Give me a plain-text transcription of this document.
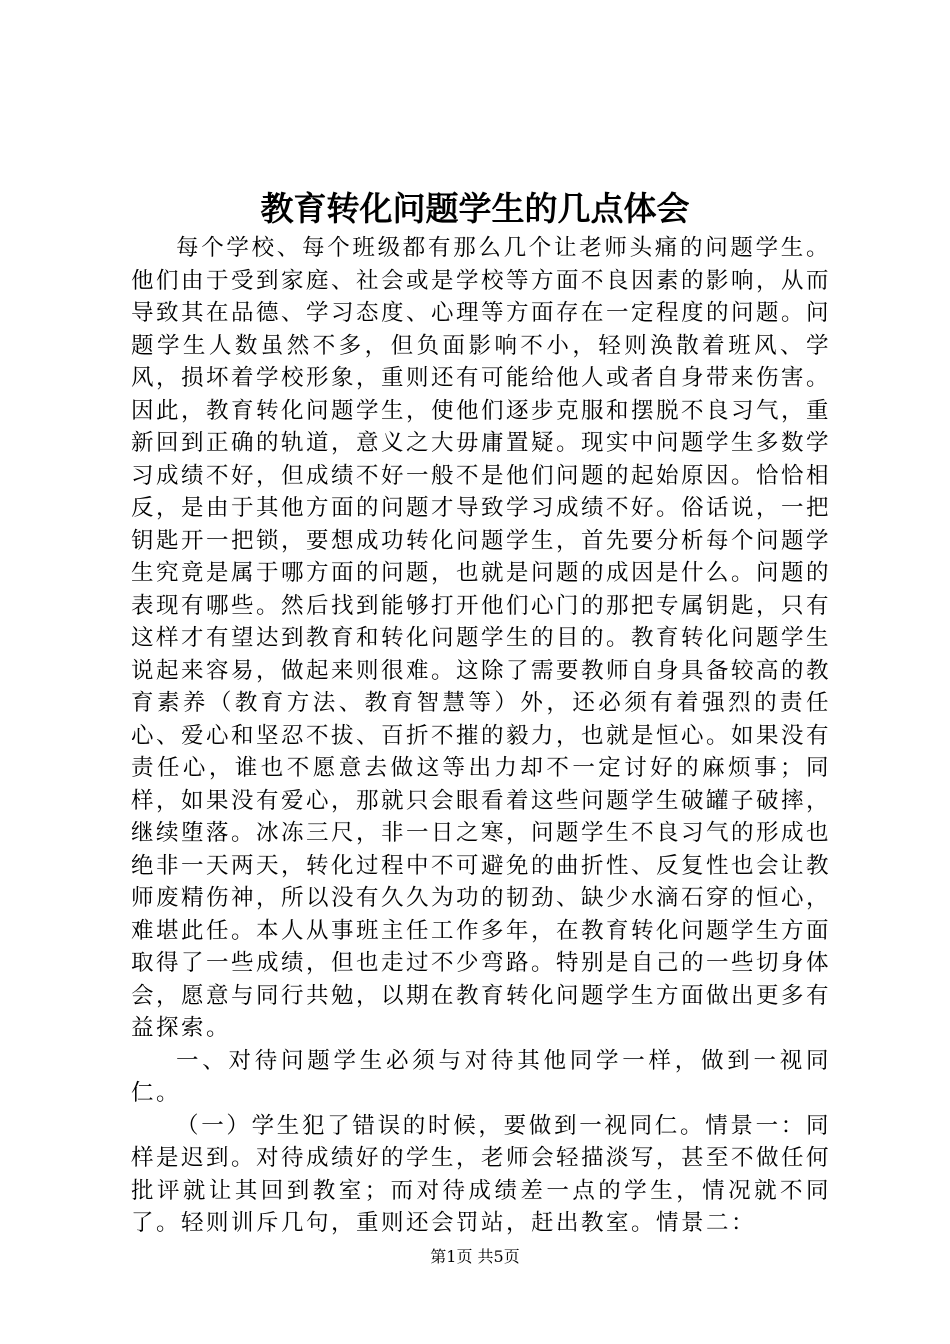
教育转化问题学生的几点体会

每个学校、每个班级都有那么几个让老师头痛的问题学生。他们由于受到家庭、社会或是学校等方面不良因素的影响，从而导致其在品德、学习态度、心理等方面存在一定程度的问题。问题学生人数虽然不多，但负面影响不小，轻则涣散着班风、学风，损坏着学校形象，重则还有可能给他人或者自身带来伤害。因此，教育转化问题学生，使他们逐步克服和摆脱不良习气，重新回到正确的轨道，意义之大毋庸置疑。现实中问题学生多数学习成绩不好，但成绩不好一般不是他们问题的起始原因。恰恰相反，是由于其他方面的问题才导致学习成绩不好。俗话说，一把钥匙开一把锁，要想成功转化问题学生，首先要分析每个问题学生究竟是属于哪方面的问题，也就是问题的成因是什么。问题的表现有哪些。然后找到能够打开他们心门的那把专属钥匙，只有这样才有望达到教育和转化问题学生的目的。教育转化问题学生说起来容易，做起来则很难。这除了需要教师自身具备较高的教育素养（教育方法、教育智慧等）外，还必须有着强烈的责任心、爱心和坚忍不拔、百折不摧的毅力，也就是恒心。如果没有责任心，谁也不愿意去做这等出力却不一定讨好的麻烦事；同样，如果没有爱心，那就只会眼看着这些问题学生破罐子破摔，继续堕落。冰冻三尺，非一日之寒，问题学生不良习气的形成也绝非一天两天，转化过程中不可避免的曲折性、反复性也会让教师废精伤神，所以没有久久为功的韧劲、缺少水滴石穿的恒心，难堪此任。本人从事班主任工作多年，在教育转化问题学生方面取得了一些成绩，但也走过不少弯路。特别是自己的一些切身体会，愿意与同行共勉，以期在教育转化问题学生方面做出更多有益探索。

一、对待问题学生必须与对待其他同学一样，做到一视同仁。

（一）学生犯了错误的时候，要做到一视同仁。情景一：同样是迟到。对待成绩好的学生，老师会轻描淡写，甚至不做任何批评就让其回到教室；而对待成绩差一点的学生，情况就不同了。轻则训斥几句，重则还会罚站，赶出教室。情景二：

第1页 共5页
